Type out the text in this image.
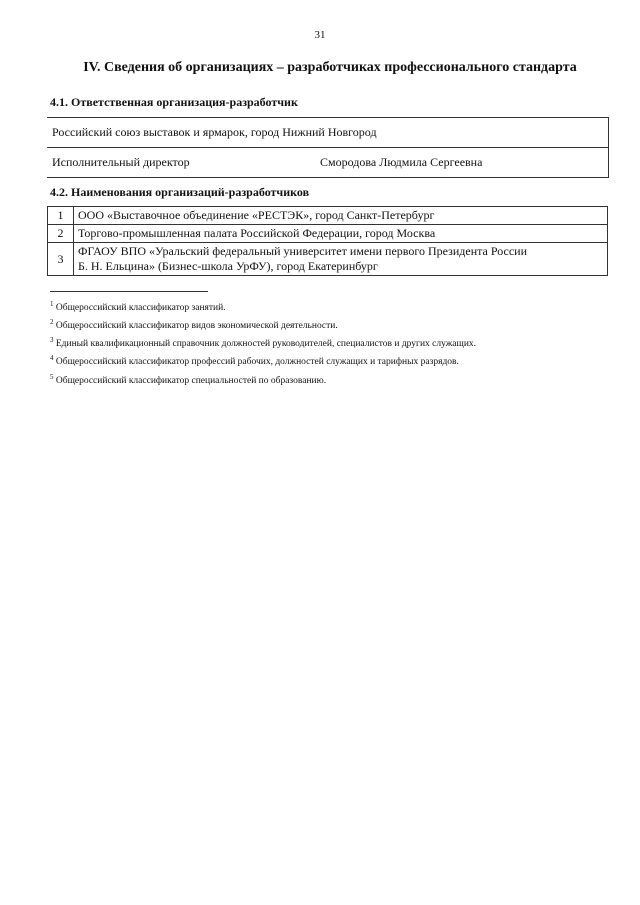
31
IV. Сведения об организациях – разработчиках профессионального стандарта
4.1. Ответственная организация-разработчик
Российский союз выставок и ярмарок, город Нижний Новгород
Исполнительный директор	Смородова Людмила Сергеевна
4.2. Наименования организаций-разработчиков
1	ООО «Выставочное объединение «РЕСТЭК», город Санкт-Петербург
2	Торгово-промышленная палата Российской Федерации, город Москва
3	ФГАОУ ВПО «Уральский федеральный университет имени первого Президента России
Б. Н. Ельцина» (Бизнес-школа УрФУ), город Екатеринбург
$^1$ Общероссийский классификатор занятий.
$^2$ Общероссийский классификатор видов экономической деятельности.
$^3$ Единый квалификационный справочник должностей руководителей, специалистов и других служащих.
$^4$ Общероссийский классификатор профессий рабочих, должностей служащих и тарифных разрядов.
$^5$ Общероссийский классификатор специальностей по образованию.
